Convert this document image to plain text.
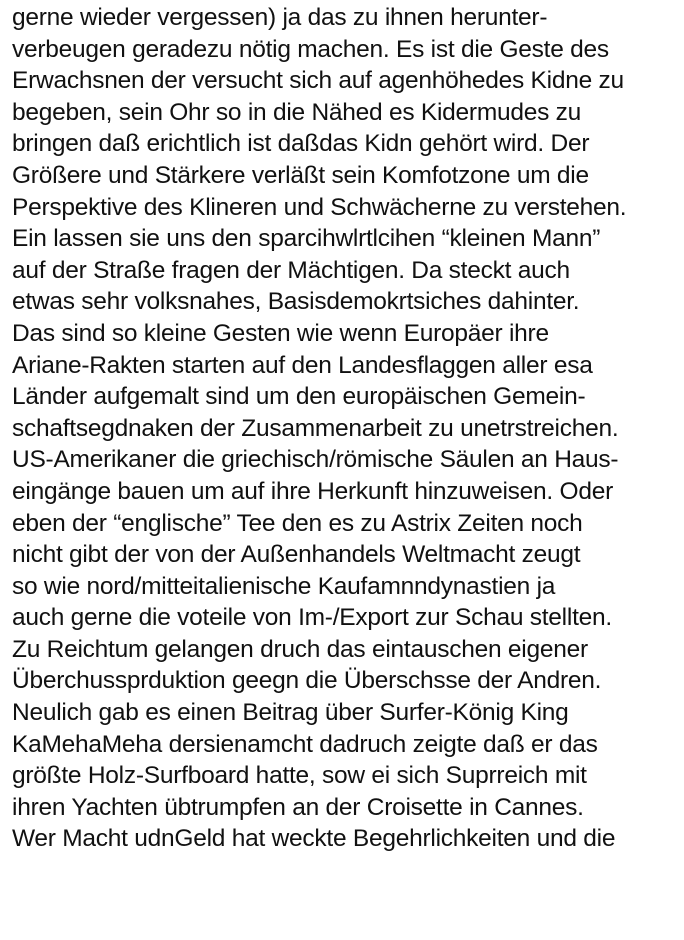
gerne wieder vergessen) ja das zu ihnen herunter-
verbeugen geradezu nötig machen. Es ist die Geste des
Erwachsnen der versucht sich auf agenhöhedes Kidne zu
begeben, sein Ohr so in die Nähed es Kidermudes zu
bringen daß erichtlich ist daßdas Kidn gehört wird. Der
Größere und Stärkere verläßt sein Komfotzone um die
Perspektive des Klineren und Schwächerne zu verstehen.
Ein lassen sie uns den sparcihwlrtlcihen “kleinen Mann”
auf der Straße fragen der Mächtigen. Da steckt auch
etwas sehr volksnahes, Basisdemokrtsiches dahinter.
Das sind so kleine Gesten wie wenn Europäer ihre
Ariane-Rakten starten auf den Landesflaggen aller esa
Länder aufgemalt sind um den europäischen Gemein-
schaftsegdnaken der Zusammenarbeit zu unetrstreichen.
US-Amerikaner die griechisch/römische Säulen an Haus-
eingänge bauen um auf ihre Herkunft hinzuweisen. Oder
eben der “englische” Tee den es zu Astrix Zeiten noch
nicht gibt der von der Außenhandels Weltmacht zeugt
so wie nord/mitteitalienische Kaufamnndynastien ja
auch gerne die voteile von Im-/Export zur Schau stellten.
Zu Reichtum gelangen druch das eintauschen eigener
Überchussprduktion geegn die Überschsse der Andren.
Neulich gab es einen Beitrag über Surfer-König King
KaMehaMeha dersienamcht dadruch zeigte daß er das
größte Holz-Surfboard hatte, sow ei sich Suprreich mit
ihren Yachten übtrumpfen an der Croisette in Cannes.
Wer Macht udnGeld hat weckte Begehrlichkeiten und die
